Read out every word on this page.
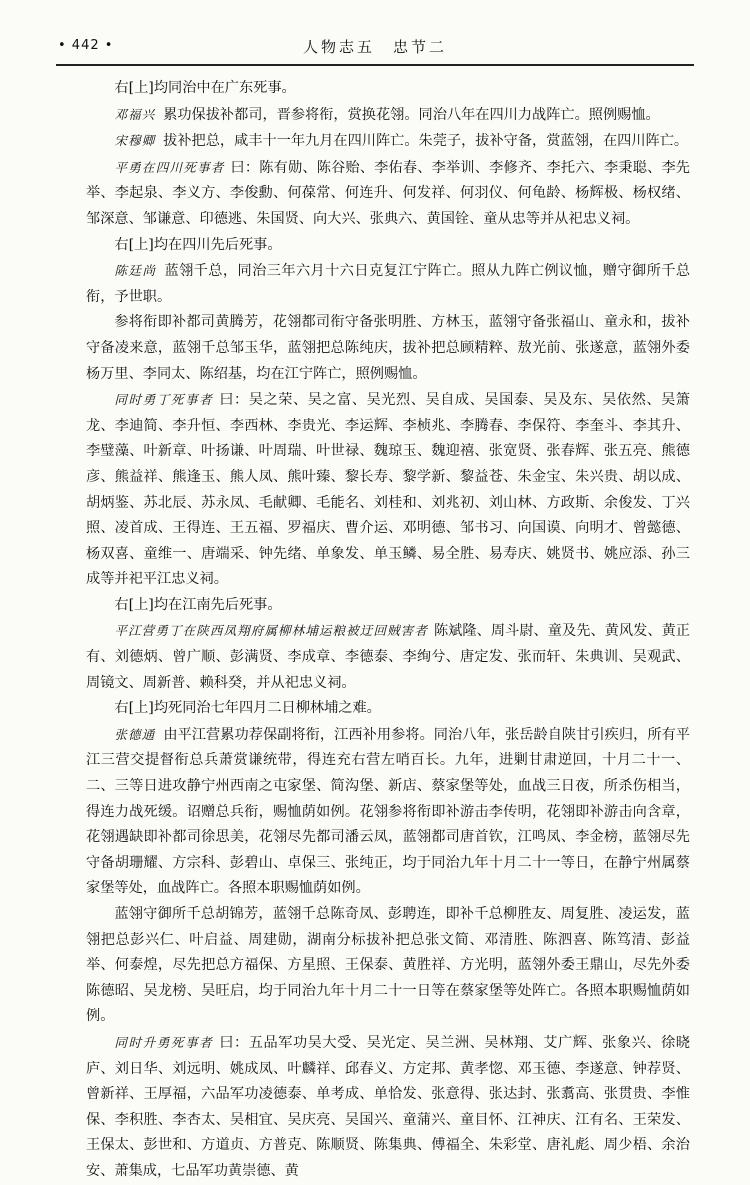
• 442 •	人物志五　忠节二

右[上]均同治中在广东死事。

邓福兴 累功保拔补都司，晋参将衔，赏换花翎。同治八年在四川力战阵亡。照例赐恤。

宋穆卿 拔补把总，咸丰十一年九月在四川阵亡。朱莞子，拔补守备，赏蓝翎，在四川阵亡。

平勇在四川死事者 曰：陈有勋、陈谷贻、李佑春、李举训、李修齐、李托六、李秉聪、李先举、李起泉、李义方、李俊勳、何葆常、何连升、何发祥、何羽仪、何龟龄、杨辉极、杨权绪、邹深意、邹谦意、印德逃、朱国贤、向大兴、张典六、黄国铨、童从忠等并从祀忠义祠。

右[上]均在四川先后死事。

陈廷尚 蓝翎千总，同治三年六月十六日克复江宁阵亡。照从九阵亡例议恤，赠守御所千总衔，予世职。

参将衔即补都司黄腾芳，花翎都司衔守备张明胜、方林玉，蓝翎守备张福山、童永和，拔补守备凌来意，蓝翎千总邹玉华，蓝翎把总陈纯庆，拔补把总顾精粹、敖光前、张遂意，蓝翎外委杨万里、李同太、陈绍基，均在江宁阵亡，照例赐恤。

同时勇丁死事者 曰：吴之荣、吴之富、吴光烈、吴自成、吴国泰、吴及东、吴依然、吴箫龙、李迪简、李升恒、李西林、李贵光、李运辉、李桢兆、李腾春、李保符、李奎斗、李其升、李璧藻、叶新章、叶扬谦、叶周瑞、叶世禄、魏琼玉、魏迎禧、张宽贤、张春辉、张五亮、熊德彦、熊益祥、熊逢玉、熊人凤、熊叶臻、黎长寿、黎学新、黎益苍、朱金宝、朱兴贵、胡以成、胡炳鉴、苏北辰、苏永凤、毛献卿、毛能名、刘桂和、刘兆初、刘山林、方政斯、余俊发、丁兴照、凌首成、王得连、王五福、罗福庆、曹介运、邓明德、邹书习、向国谟、向明才、曾懿德、杨双喜、童维一、唐端采、钟先绪、单象发、单玉鳞、易全胜、易寿庆、姚贤书、姚应添、孙三成等并祀平江忠义祠。

右[上]均在江南先后死事。

平江营勇丁在陕西凤翔府属柳林埔运粮被迂回贼害者 陈斌隆、周斗尉、童及先、黄风发、黄正有、刘德炳、曾广顺、彭满贤、李成章、李德泰、李绚兮、唐定发、张而轩、朱典训、吴观武、周镜文、周新普、赖科癸，并从祀忠义祠。

右[上]均死同治七年四月二日柳林埔之难。

张德通 由平江营累功荐保副将衔，江西补用参将。同治八年，张岳龄自陕甘引疾归，所有平江三营交提督衔总兵萧赏谦统带，得连充右营左哨百长。九年，进剿甘肃逆回，十月二十一、二、三等日进攻静宁州西南之屯家堡、简沟堡、新店、蔡家堡等处，血战三日夜，所杀伤相当，得连力战死缓。诏赠总兵衔，赐恤荫如例。花翎参将衔即补游击李传明，花翎即补游击向含章，花翎遇缺即补都司徐思美，花翎尽先都司潘云凤，蓝翎都司唐首钦，江鸣凤、李金榜，蓝翎尽先守备胡珊耀、方宗科、彭碧山、卓保三、张纯正，均于同治九年十月二十一等日，在静宁州属蔡家堡等处，血战阵亡。各照本职赐恤荫如例。

蓝翎守御所千总胡锦芳，蓝翎千总陈奇凤、彭聘连，即补千总柳胜友、周复胜、凌运发，蓝翎把总彭兴仁、叶启益、周建勋，湖南分标拔补把总张文简、邓清胜、陈泗喜、陈笃清、彭益举、何泰煌，尽先把总方福保、方星照、王保泰、黄胜祥、方光明，蓝翎外委王鼎山，尽先外委陈德昭、吴龙榜、吴旺启，均于同治九年十月二十一日等在蔡家堡等处阵亡。各照本职赐恤荫如例。

同时升勇死事者 曰：五品军功吴大受、吴光定、吴兰洲、吴林翔、艾广辉、张象兴、徐晓庐、刘日华、刘远明、姚成凤、叶麟祥、邱春义、方定邦、黄孝惚、邓玉德、李遂意、钟荐贤、曾新祥、王厚福，六品军功凌德泰、单考成、单恰发、张意得、张达封、张翥高、张贯贵、李惟保、李积胜、李杏太、吴相宜、吴庆亮、吴国兴、童蒲兴、童目怀、江神庆、江有名、王荣发、王保太、彭世和、方道贞、方普克、陈顺贤、陈集典、傅福全、朱彩堂、唐礼彪、周少梧、余治安、萧集成，七品军功黄崇德、黄
